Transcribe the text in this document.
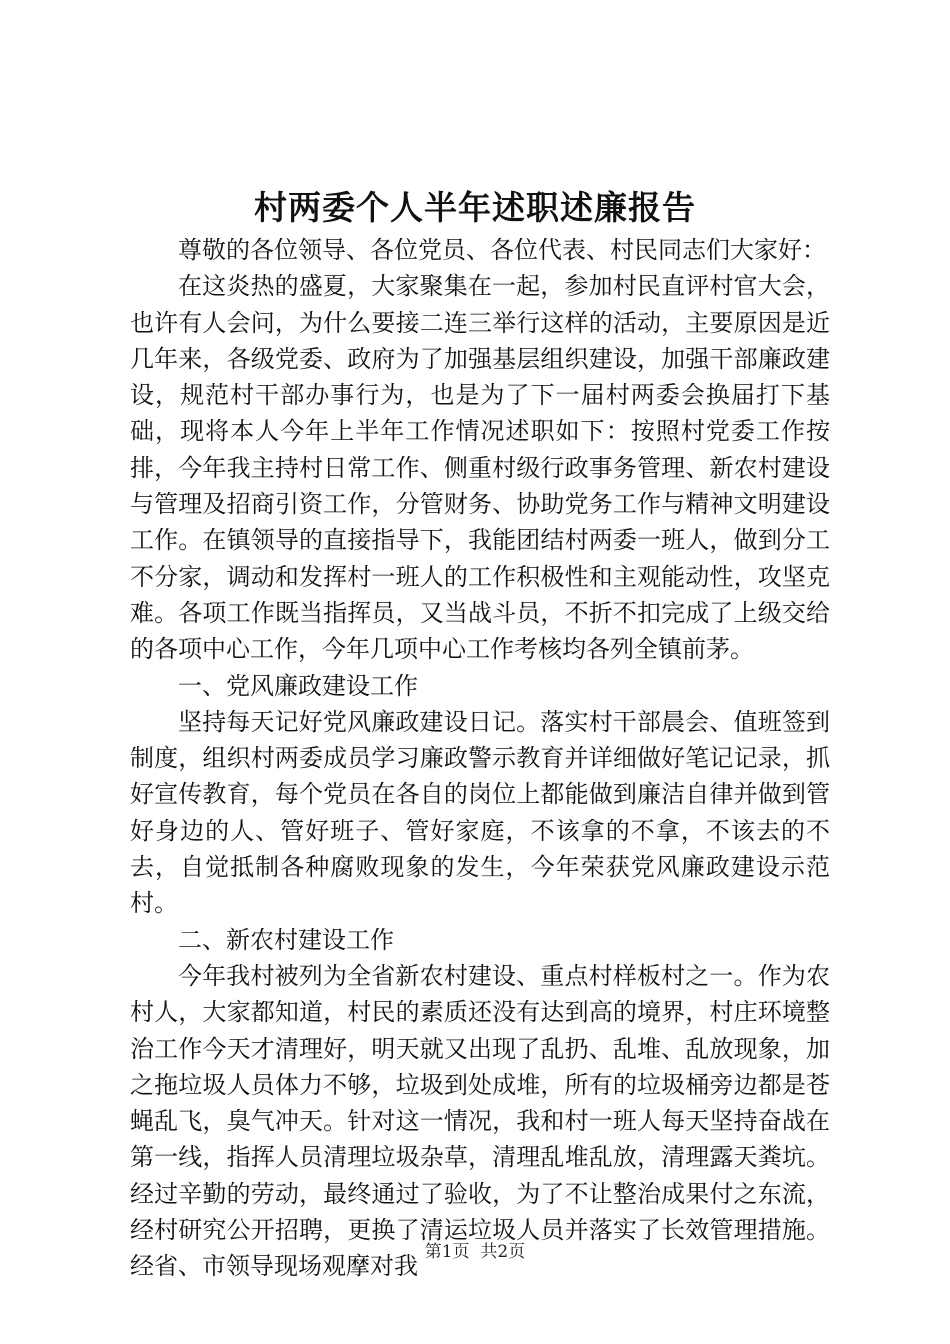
村两委个人半年述职述廉报告

尊敬的各位领导、各位党员、各位代表、村民同志们大家好：

在这炎热的盛夏，大家聚集在一起，参加村民直评村官大会，也许有人会问，为什么要接二连三举行这样的活动，主要原因是近几年来，各级党委、政府为了加强基层组织建设，加强干部廉政建设，规范村干部办事行为，也是为了下一届村两委会换届打下基础，现将本人今年上半年工作情况述职如下：按照村党委工作按排，今年我主持村日常工作、侧重村级行政事务管理、新农村建设与管理及招商引资工作，分管财务、协助党务工作与精神文明建设工作。在镇领导的直接指导下，我能团结村两委一班人，做到分工不分家，调动和发挥村一班人的工作积极性和主观能动性，攻坚克难。各项工作既当指挥员，又当战斗员，不折不扣完成了上级交给的各项中心工作，今年几项中心工作考核均各列全镇前茅。

一、党风廉政建设工作

坚持每天记好党风廉政建设日记。落实村干部晨会、值班签到制度，组织村两委成员学习廉政警示教育并详细做好笔记记录，抓好宣传教育，每个党员在各自的岗位上都能做到廉洁自律并做到管好身边的人、管好班子、管好家庭，不该拿的不拿，不该去的不去，自觉抵制各种腐败现象的发生，今年荣获党风廉政建设示范村。

二、新农村建设工作

今年我村被列为全省新农村建设、重点村样板村之一。作为农村人，大家都知道，村民的素质还没有达到高的境界，村庄环境整治工作今天才清理好，明天就又出现了乱扔、乱堆、乱放现象，加之拖垃圾人员体力不够，垃圾到处成堆，所有的垃圾桶旁边都是苍蝇乱飞，臭气冲天。针对这一情况，我和村一班人每天坚持奋战在第一线，指挥人员清理垃圾杂草，清理乱堆乱放，清理露天粪坑。经过辛勤的劳动，最终通过了验收，为了不让整治成果付之东流，经村研究公开招聘，更换了清运垃圾人员并落实了长效管理措施。经省、市领导现场观摩对我

第1页  共2页
